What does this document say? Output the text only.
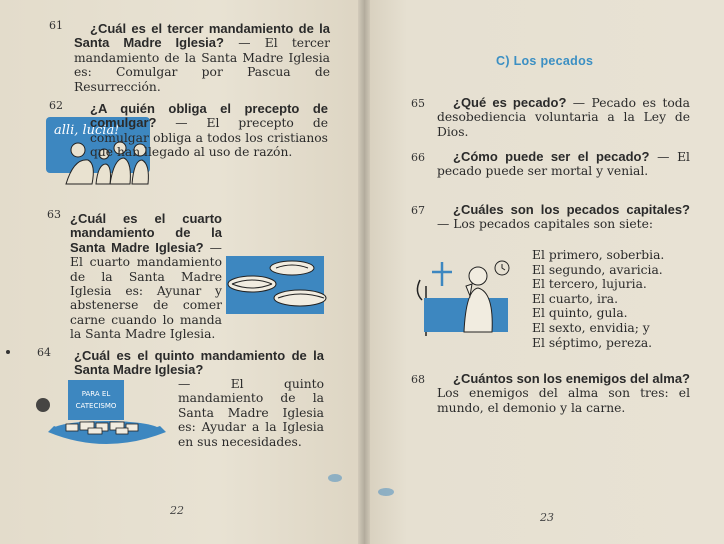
61	¿Cuál es el tercer mandamiento de la Santa Madre Iglesia? — El tercer mandamiento de la Santa Madre Iglesia es: Comulgar por Pascua de Resurrección.
62
alli, lucia!
¿A quién obliga el precepto de comulgar? — El precepto de comulgar obliga a todos los cristianos que han llegado al uso de razón.
63 ¿Cuál es el cuarto mandamiento de la Santa Madre Iglesia? — El cuarto mandamiento de la Santa Madre Iglesia es: Ayunar y abstenerse de comer carne cuando lo manda la Santa Madre Iglesia.
64 ¿Cuál es el quinto mandamiento de la Santa Madre Iglesia?
— El quinto mandamiento de la Santa Madre Iglesia es: Ayudar a la Iglesia en sus necesidades.
PARA EL
CATECISMO
22
C) Los pecados
65	¿Qué es pecado? — Pecado es toda desobediencia voluntaria a la Ley de Dios.
66	¿Cómo puede ser el pecado? — El pecado puede ser mortal y venial.
67	¿Cuáles son los pecados capitales? — Los pecados capitales son siete:
El primero, soberbia.
El segundo, avaricia.
El tercero, lujuria.
El cuarto, ira.
El quinto, gula.
El sexto, envidia; y
El séptimo, pereza.
68	¿Cuántos son los enemigos del alma? Los enemigos del alma son tres: el mundo, el demonio y la carne.
23
